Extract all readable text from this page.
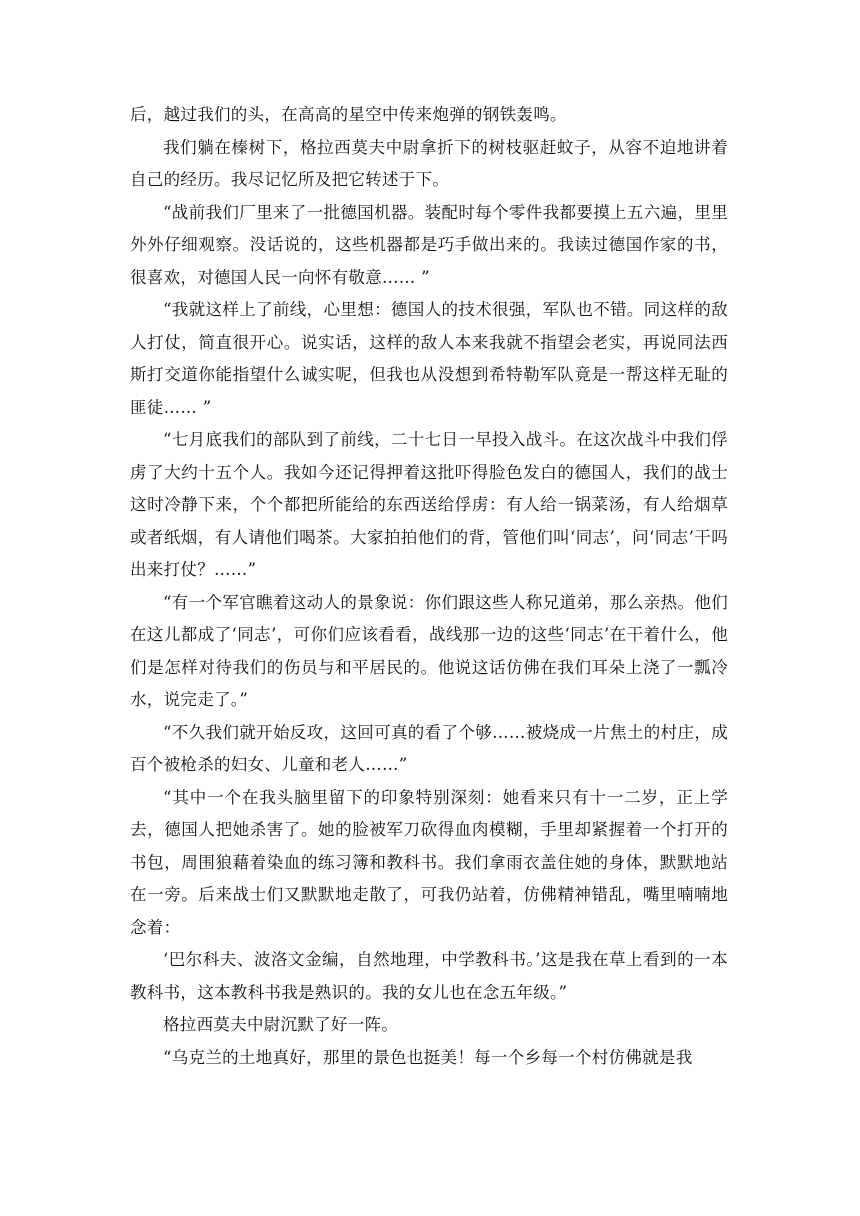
后，越过我们的头，在高高的星空中传来炮弹的钢铁轰鸣。

我们躺在榛树下，格拉西莫夫中尉拿折下的树枝驱赶蚊子，从容不迫地讲着自己的经历。我尽记忆所及把它转述于下。

“战前我们厂里来了一批德国机器。装配时每个零件我都要摸上五六遍，里里外外仔细观察。没话说的，这些机器都是巧手做出来的。我读过德国作家的书，很喜欢，对德国人民一向怀有敬意…… ”

“我就这样上了前线，心里想：德国人的技术很强，军队也不错。同这样的敌人打仗，简直很开心。说实话，这样的敌人本来我就不指望会老实，再说同法西斯打交道你能指望什么诚实呢，但我也从没想到希特勒军队竟是一帮这样无耻的匪徒…… ”

“七月底我们的部队到了前线，二十七日一早投入战斗。在这次战斗中我们俘虏了大约十五个人。我如今还记得押着这批吓得脸色发白的德国人，我们的战士这时冷静下来，个个都把所能给的东西送给俘虏：有人给一锅菜汤，有人给烟草或者纸烟，有人请他们喝茶。大家拍拍他们的背，管他们叫‘同志’，问‘同志’干吗出来打仗？……”

“有一个军官瞧着这动人的景象说：你们跟这些人称兄道弟，那么亲热。他们在这儿都成了‘同志’，可你们应该看看，战线那一边的这些‘同志’在干着什么，他们是怎样对待我们的伤员与和平居民的。他说这话仿佛在我们耳朵上浇了一瓢冷水，说完走了。”

“不久我们就开始反攻，这回可真的看了个够……被烧成一片焦土的村庄，成百个被枪杀的妇女、儿童和老人……”

“其中一个在我头脑里留下的印象特别深刻：她看来只有十一二岁，正上学去，德国人把她杀害了。她的脸被军刀砍得血肉模糊，手里却紧握着一个打开的书包，周围狼藉着染血的练习簿和教科书。我们拿雨衣盖住她的身体，默默地站在一旁。后来战士们又默默地走散了，可我仍站着，仿佛精神错乱，嘴里喃喃地念着：

‘巴尔科夫、波洛文金编，自然地理，中学教科书。’这是我在草上看到的一本教科书，这本教科书我是熟识的。我的女儿也在念五年级。”

格拉西莫夫中尉沉默了好一阵。

“乌克兰的土地真好，那里的景色也挺美！每一个乡每一个村仿佛就是我
